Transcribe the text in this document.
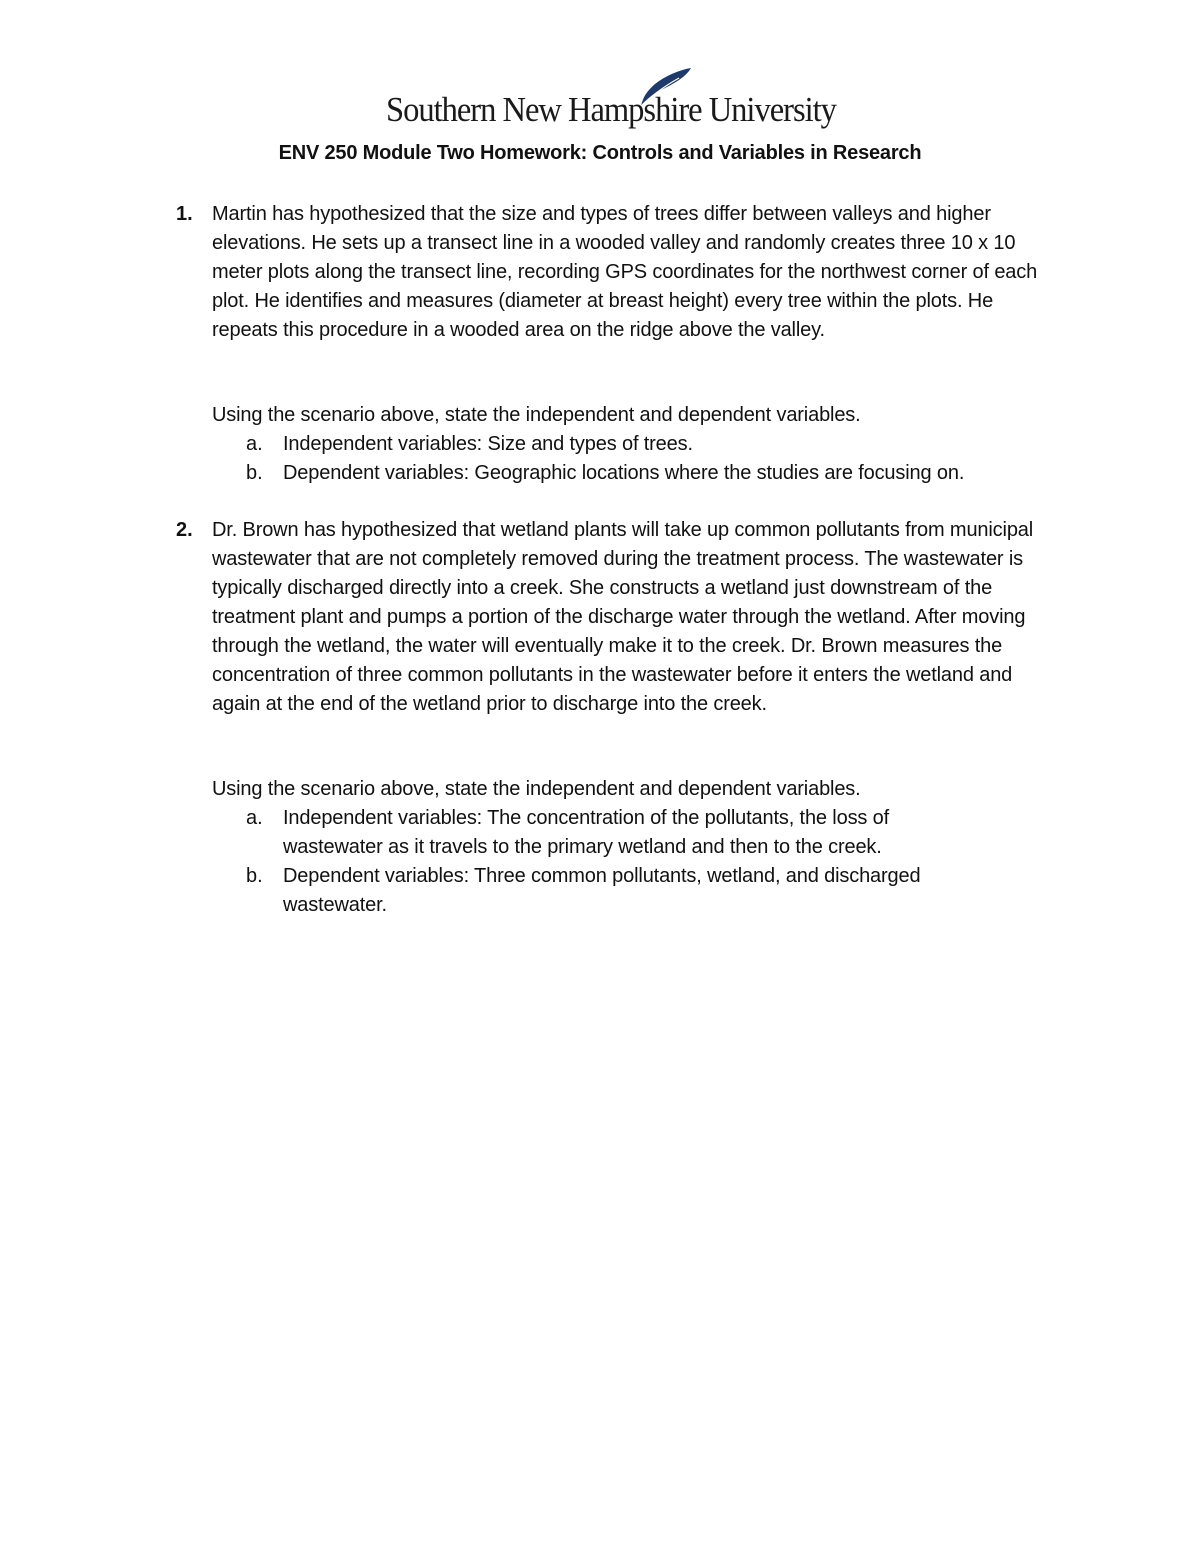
Southern New Hampshire University
ENV 250 Module Two Homework: Controls and Variables in Research
1. Martin has hypothesized that the size and types of trees differ between valleys and higher elevations. He sets up a transect line in a wooded valley and randomly creates three 10 x 10 meter plots along the transect line, recording GPS coordinates for the northwest corner of each plot. He identifies and measures (diameter at breast height) every tree within the plots. He repeats this procedure in a wooded area on the ridge above the valley.
Using the scenario above, state the independent and dependent variables.
a. Independent variables: Size and types of trees.
b. Dependent variables: Geographic locations where the studies are focusing on.
2. Dr. Brown has hypothesized that wetland plants will take up common pollutants from municipal wastewater that are not completely removed during the treatment process. The wastewater is typically discharged directly into a creek. She constructs a wetland just downstream of the treatment plant and pumps a portion of the discharge water through the wetland. After moving through the wetland, the water will eventually make it to the creek. Dr. Brown measures the concentration of three common pollutants in the wastewater before it enters the wetland and again at the end of the wetland prior to discharge into the creek.
Using the scenario above, state the independent and dependent variables.
a. Independent variables: The concentration of the pollutants, the loss of wastewater as it travels to the primary wetland and then to the creek.
b. Dependent variables: Three common pollutants, wetland, and discharged wastewater.
